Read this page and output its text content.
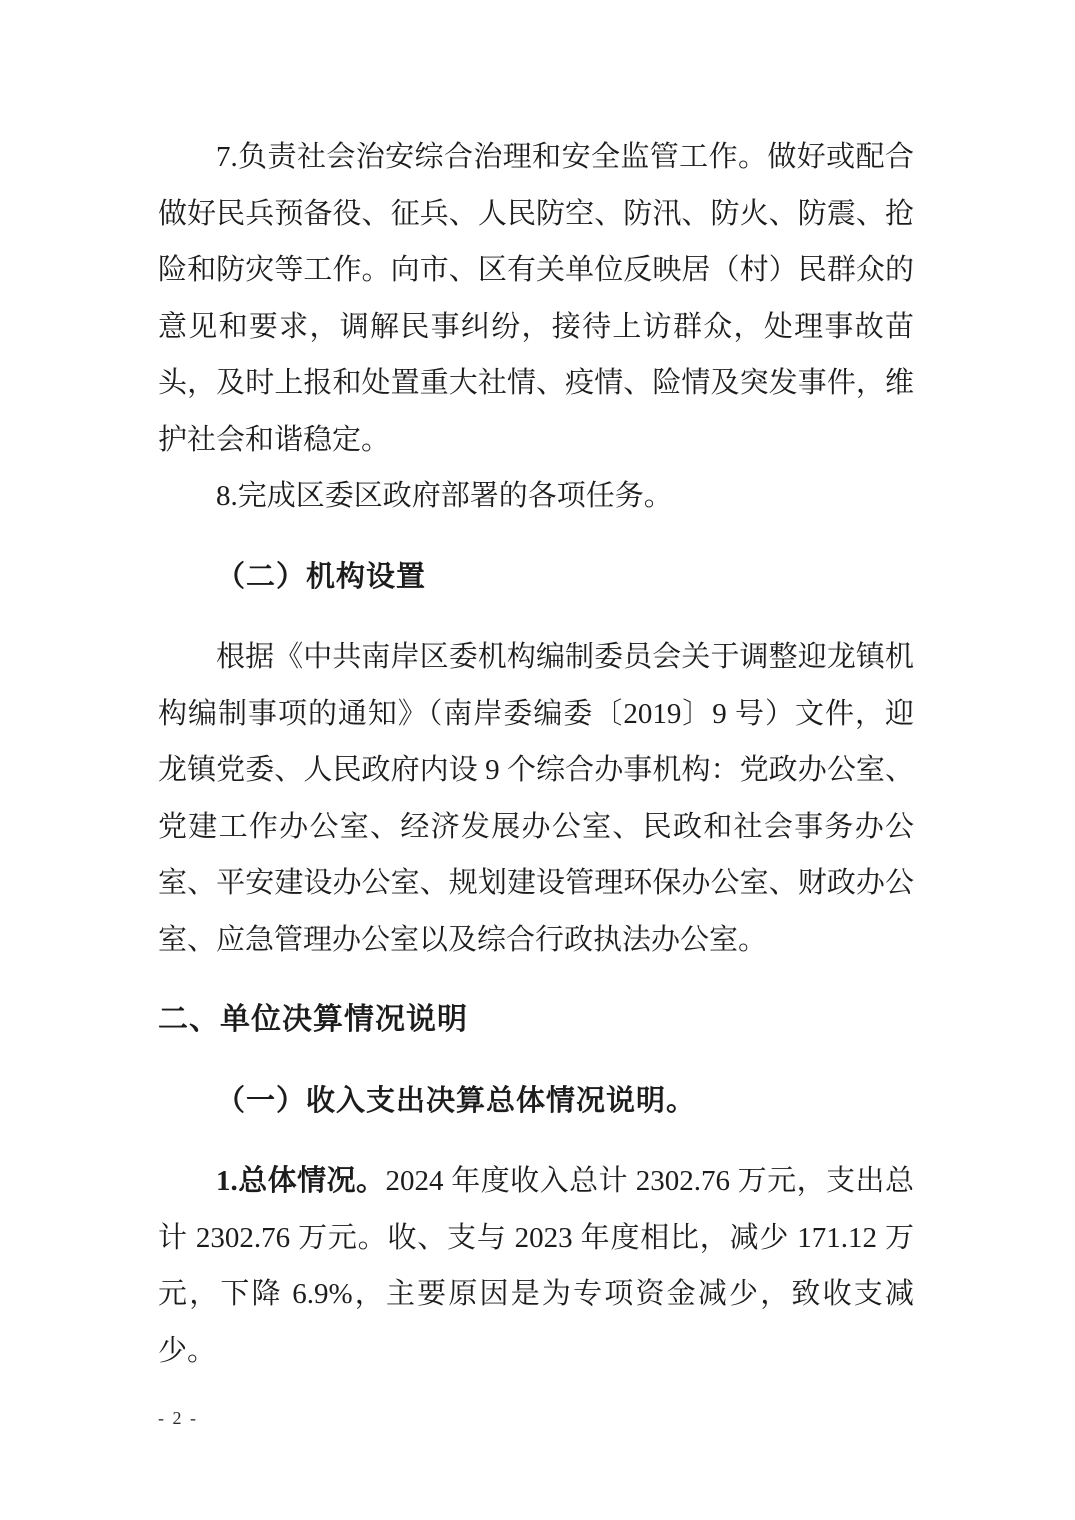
7.负责社会治安综合治理和安全监管工作。做好或配合做好民兵预备役、征兵、人民防空、防汛、防火、防震、抢险和防灾等工作。向市、区有关单位反映居（村）民群众的意见和要求，调解民事纠纷，接待上访群众，处理事故苗头，及时上报和处置重大社情、疫情、险情及突发事件，维护社会和谐稳定。

8.完成区委区政府部署的各项任务。

（二）机构设置

根据《中共南岸区委机构编制委员会关于调整迎龙镇机构编制事项的通知》（南岸委编委〔2019〕9 号）文件，迎龙镇党委、人民政府内设 9 个综合办事机构：党政办公室、党建工作办公室、经济发展办公室、民政和社会事务办公室、平安建设办公室、规划建设管理环保办公室、财政办公室、应急管理办公室以及综合行政执法办公室。

二、单位决算情况说明

（一）收入支出决算总体情况说明。

1.总体情况。2024 年度收入总计 2302.76 万元，支出总计 2302.76 万元。收、支与 2023 年度相比，减少 171.12 万元，下降 6.9%，主要原因是为专项资金减少，致收支减少。

- 2 -
